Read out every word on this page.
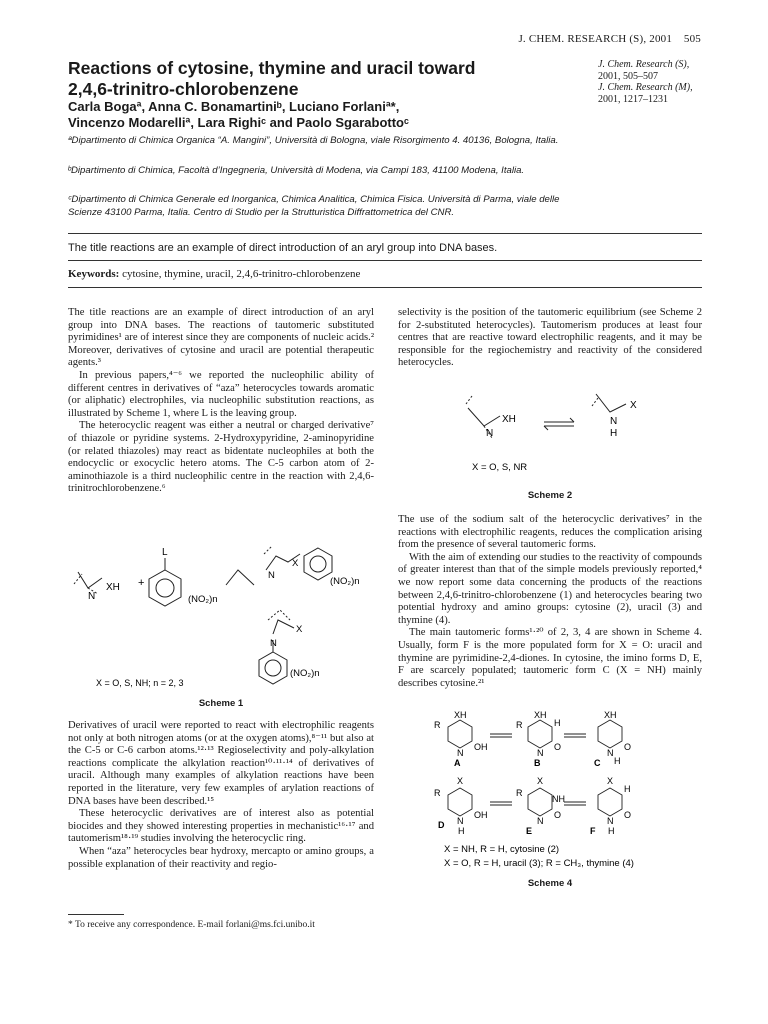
J. CHEM. RESEARCH (S), 2001 505
Reactions of cytosine, thymine and uracil toward
2,4,6-trinitro-chlorobenzene
J. Chem. Research (S),
2001, 505–507
J. Chem. Research (M),
2001, 1217–1231
Carla Bogaª, Anna C. Bonamartiniᵇ, Luciano Forlaniª*,
Vincenzo Modarelliª, Lara Righiᶜ and Paolo Sgarabottoᶜ
ªDipartimento di Chimica Organica “A. Mangini”, Università di Bologna, viale Risorgimento 4. 40136, Bologna, Italia.
ᵇDipartimento di Chimica, Facoltà d’Ingegneria, Università di Modena, via Campi 183, 41100 Modena, Italia.
ᶜDipartimento di Chimica Generale ed Inorganica, Chimica Analitica, Chimica Fisica. Università di Parma, viale delle Scienze 43100 Parma, Italia. Centro di Studio per la Strutturistica Diffrattometrica del CNR.
The title reactions are an example of direct introduction of an aryl group into DNA bases.
Keywords: cytosine, thymine, uracil, 2,4,6-trinitro-chlorobenzene

The title reactions are an example of direct introduction of an aryl group into DNA bases. The reactions of tautomeric substituted pyrimidines¹ are of interest since they are components of nucleic acids.² Moreover, derivatives of cytosine and uracil are potential therapeutic agents.³

In previous papers,⁴⁻⁶ we reported the nucleophilic ability of different centres in derivatives of “aza” heterocycles towards aromatic (or aliphatic) electrophiles, via nucleophilic substitution reactions, as illustrated by Scheme 1, where L is the leaving group.

The heterocyclic reagent was either a neutral or charged derivative⁷ of thiazole or pyridine systems. 2-Hydroxypyridine, 2-aminopyridine (or related thiazoles) may react as bidentate nucleophiles at both the endocyclic or exocyclic hetero atoms. The C-5 carbon atom of 2-aminothiazole is a third nucleophilic centre in the reaction with 2,4,6-trinitrochlorobenzene.⁶

XH
N
L
+
(NO₂)n
N
X
(NO₂)n
N
X
(NO₂)n
X = O, S, NH; n = 2, 3
Scheme 1

Derivatives of uracil were reported to react with electrophilic reagents not only at both nitrogen atoms (or at the oxygen atoms),⁸⁻¹¹ but also at the C-5 or C-6 carbon atoms.¹²·¹³ Regioselectivity and poly-alkylation reactions complicate the alkylation reaction¹⁰·¹¹·¹⁴ of derivatives of uracil. Although many examples of alkylation reactions have been reported in the literature, very few examples of arylation reactions of DNA bases have been described.¹⁵

These heterocyclic derivatives are of interest also as potential biocides and they showed interesting properties in mechanistic¹⁶·¹⁷ and tautomerism¹⁸·¹⁹ studies involving the heterocyclic ring.

When “aza” heterocycles bear hydroxy, mercapto or amino groups, a possible explanation of their reactivity and regio-

* To receive any correspondence. E-mail forlani@ms.fci.unibo.it

selectivity is the position of the tautomeric equilibrium (see Scheme 2 for 2-substituted heterocycles). Tautomerism produces at least four centres that are reactive toward electrophilic reagents, and it may be responsible for the regiochemistry and reactivity of the considered heterocycles.

XH
N
X
N
H
X = O, S, NR
Scheme 2

The use of the sodium salt of the heterocyclic derivatives⁷ in the reactions with electrophilic reagents, reduces the complication arising from the presence of several tautomeric forms.

With the aim of extending our studies to the reactivity of compounds of greater interest than that of the simple models previously reported,⁴ we now report some data concerning the products of the reactions between 2,4,6-trinitro-chlorobenzene (1) and heterocycles bearing two potential hydroxy and amino groups: cytosine (2), uracil (3) and thymine (4).

The main tautomeric forms¹·²⁰ of 2, 3, 4 are shown in Scheme 4. Usually, form F is the more populated form for X = O: uracil and thymine are pyrimidine-2,4-diones. In cytosine, the imino forms D, E, F are scarcely populated; tautomeric form C (X = NH) mainly describes cytosine.²¹

XH
R
N
OH
A
XH
R	H
N
O
B
XH
N
O
H
C
X
R
N
OH
H
D
X
R
NH
N
O
E
X
H
N
O
H
F
X = NH, R = H, cytosine (2)
X = O, R = H, uracil (3); R = CH₃, thymine (4)
Scheme 4
